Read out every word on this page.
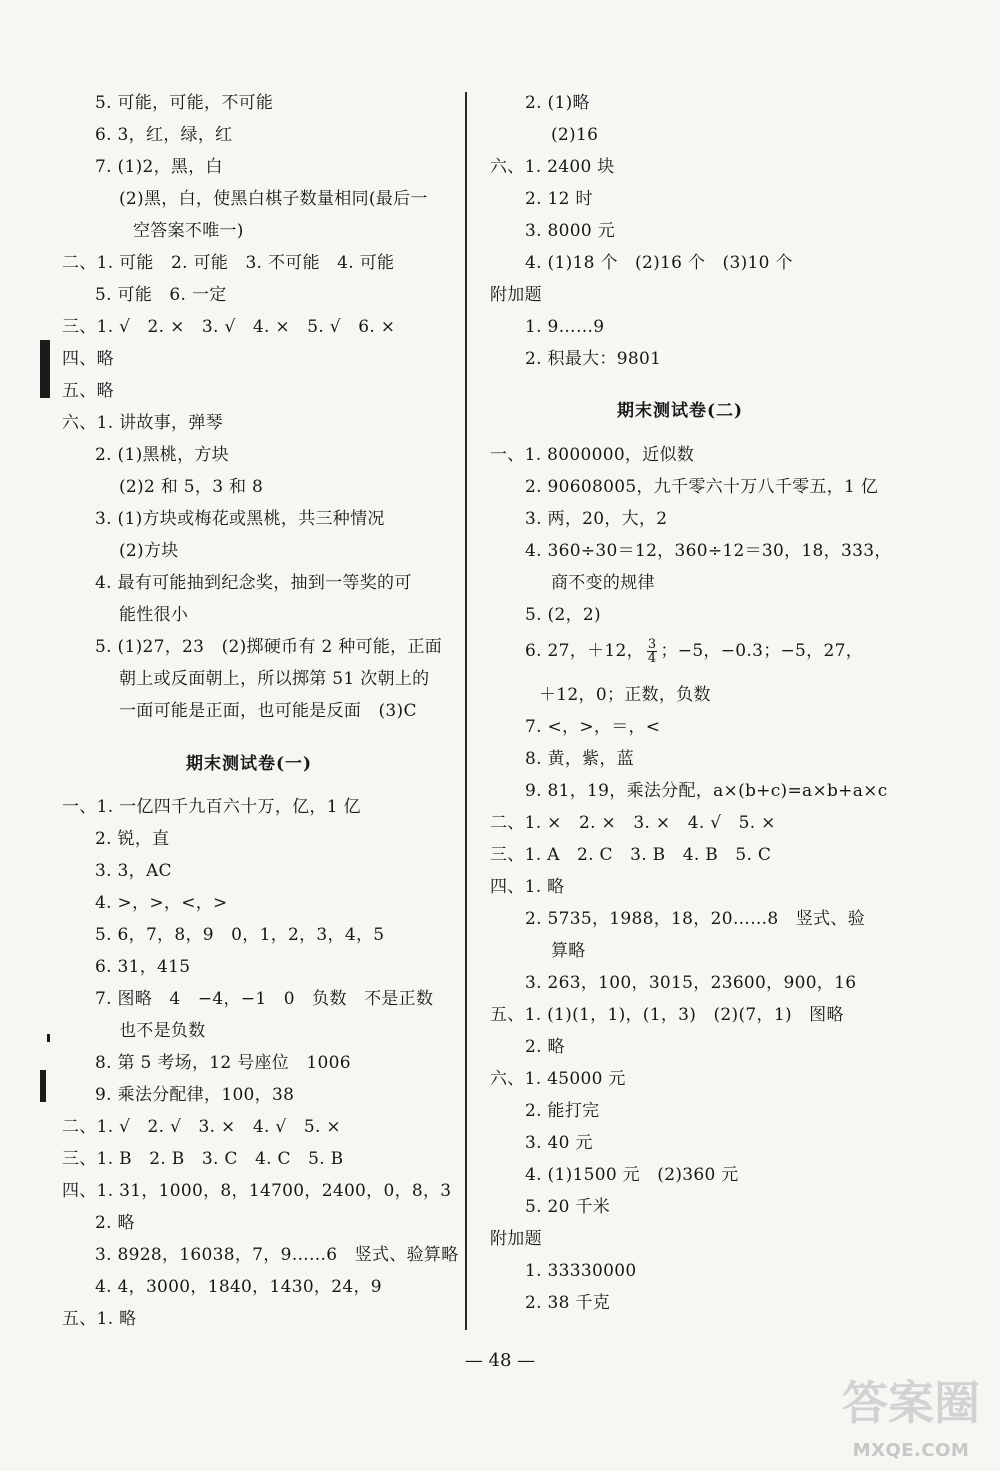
5. 可能，可能，不可能
6. 3，红，绿，红
7. (1)2，黑，白
(2)黑，白，使黑白棋子数量相同(最后一
空答案不唯一)
二、1. 可能　2. 可能　3. 不可能　4. 可能
5. 可能　6. 一定
三、1. √　2. ×　3. √　4. ×　5. √　6. ×
四、略
五、略
六、1. 讲故事，弹琴
2. (1)黑桃，方块
(2)2 和 5，3 和 8
3. (1)方块或梅花或黑桃，共三种情况
(2)方块
4. 最有可能抽到纪念奖，抽到一等奖的可
能性很小
5. (1)27，23　(2)掷硬币有 2 种可能，正面
朝上或反面朝上，所以掷第 51 次朝上的
一面可能是正面，也可能是反面　(3)C
一、1. 一亿四千九百六十万，亿，1 亿
2. 锐，直
3. 3，AC
4. >，>，<，>
5. 6，7，8，9　0，1，2，3，4，5
6. 31，415
7. 图略　4　−4，−1　0　负数　不是正数
也不是负数
8. 第 5 考场，12 号座位　1006
9. 乘法分配律，100，38
二、1. √　2. √　3. ×　4. √　5. ×
三、1. B　2. B　3. C　4. C　5. B
四、1. 31，1000，8，14700，2400，0，8，3
2. 略
3. 8928，16038，7，9……6　竖式、验算略
4. 4，3000，1840，1430，24，9
五、1. 略
2. (1)略
(2)16
六、1. 2400 块
2. 12 时
3. 8000 元
4. (1)18 个　(2)16 个　(3)10 个
附加题
1. 9……9
2. 积最大：9801
一、1. 8000000，近似数
2. 90608005，九千零六十万八千零五，1 亿
3. 两，20，大，2
4. 360÷30＝12，360÷12＝30，18，333，
商不变的规律
5. (2，2)
＋12，0；正数，负数
7. <，>，＝，<
8. 黄，紫，蓝
9. 81，19，乘法分配，a×(b+c)=a×b+a×c
二、1. ×　2. ×　3. ×　4. √　5. ×
三、1. A　2. C　3. B　4. B　5. C
四、1. 略
2. 5735，1988，18，20……8　竖式、验
算略
3. 263，100，3015，23600，900，16
五、1. (1)(1，1)，(1，3)　(2)(7，1)　图略
2. 略
六、1. 45000 元
2. 能打完
3. 40 元
4. (1)1500 元　(2)360 元
5. 20 千米
附加题
1. 33330000
2. 38 千克
期末测试卷(一)
期末测试卷(二)
6. 27，＋12， $\frac{3}{4}$ ；−5，−0.3；−5，27，
— 48 —
答案圈
MXQE.COM
